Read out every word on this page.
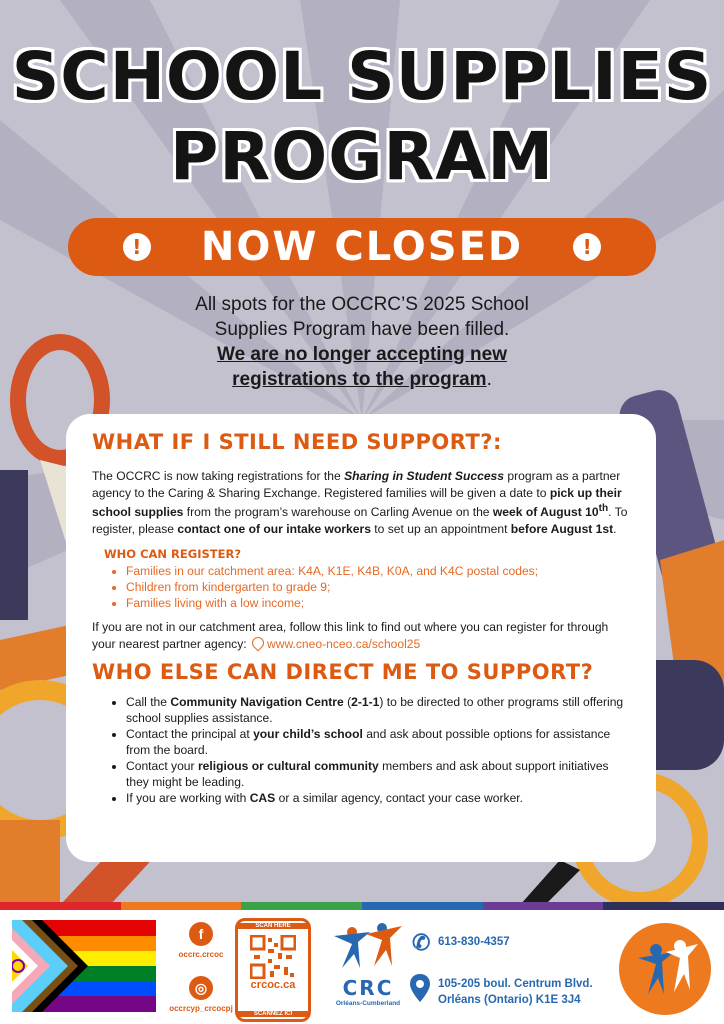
SCHOOL SUPPLIES
PROGRAM
! NOW CLOSED	!
All spots for the OCCRC’S 2025 School
Supplies Program have been filled.
We are no longer accepting new
registrations to the program.
WHAT IF I STILL NEED SUPPORT?:

The OCCRC is now taking registrations for the Sharing in Student Success program as a partner agency to the Caring & Sharing Exchange. Registered families will be given a date to pick up their school supplies from the program’s warehouse on Carling Avenue on the week of August 10th. To register, please contact one of our intake workers to set up an appointment before August 1st.

WHO CAN REGISTER?
• Families in our catchment area: K4A, K1E, K4B, K0A, and K4C postal codes;
• Children from kindergarten to grade 9;
• Families living with a low income;

If you are not in our catchment area, follow this link to find out where you can register for through your nearest partner agency: www.cneo-nceo.ca/school25

WHO ELSE CAN DIRECT ME TO SUPPORT?
• Call the Community Navigation Centre (2-1-1) to be directed to other programs still offering school supplies assistance.
• Contact the principal at your child’s school and ask about possible options for assistance from the board.
• Contact your religious or cultural community members and ask about support initiatives they might be leading.
• If you are working with CAS or a similar agency, contact your case worker.
f
occrc.crcoc
◎
occrcyp_crcocpj
SCAN HERE
crcoc.ca
SCANNEZ ICI
CRC
Orléans-Cumberland
✆ 613-830-4357
105-205 boul. Centrum Blvd.
Orléans (Ontario) K1E 3J4
